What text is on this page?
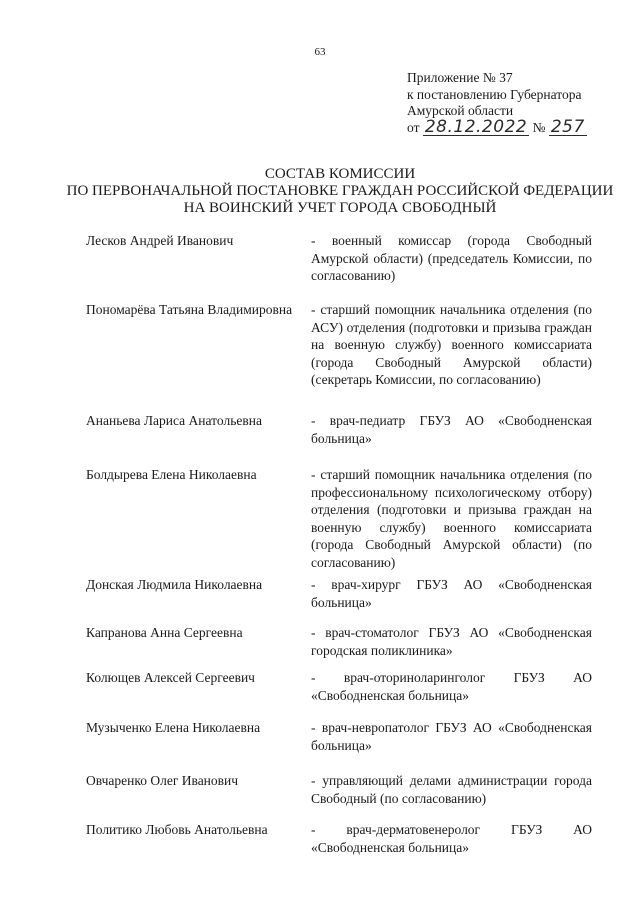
63
Приложение № 37
к постановлению Губернатора
Амурской области
от 28.12.2022 № 257
СОСТАВ КОМИССИИ
ПО ПЕРВОНАЧАЛЬНОЙ ПОСТАНОВКЕ ГРАЖДАН РОССИЙСКОЙ ФЕДЕРАЦИИ
НА ВОИНСКИЙ УЧЕТ ГОРОДА СВОБОДНЫЙ
Лесков Андрей Иванович	- военный комиссар (города Свободный Амурской области) (председатель Комиссии, по согласованию)
Пономарёва Татьяна Владимировна - старший помощник начальника отделения (по АСУ) отделения (подготовки и призыва граждан на военную службу) военного комиссариата (города Свободный Амурской области) (секретарь Комиссии, по согласованию)
Ананьева Лариса Анатольевна	- врач-педиатр ГБУЗ АО «Свободненская больница»
Болдырева Елена Николаевна	- старший помощник начальника отделения (по профессиональному психологическому отбору) отделения (подготовки и призыва граждан на военную службу) военного комиссариата (города Свободный Амурской области) (по согласованию)
Донская Людмила Николаевна	- врач-хирург ГБУЗ АО «Свободненская больница»
Капранова Анна Сергеевна	- врач-стоматолог ГБУЗ АО «Свободненская городская поликлиника»
Колющев Алексей Сергеевич	- врач-оториноларинголог ГБУЗ АО «Свободненская больница»
Музыченко Елена Николаевна	- врач-невропатолог ГБУЗ АО «Свободненская больница»
Овчаренко Олег Иванович	- управляющий делами администрации города Свободный (по согласованию)
Политико Любовь Анатольевна	- врач-дерматовенеролог ГБУЗ АО «Свободненская больница»
